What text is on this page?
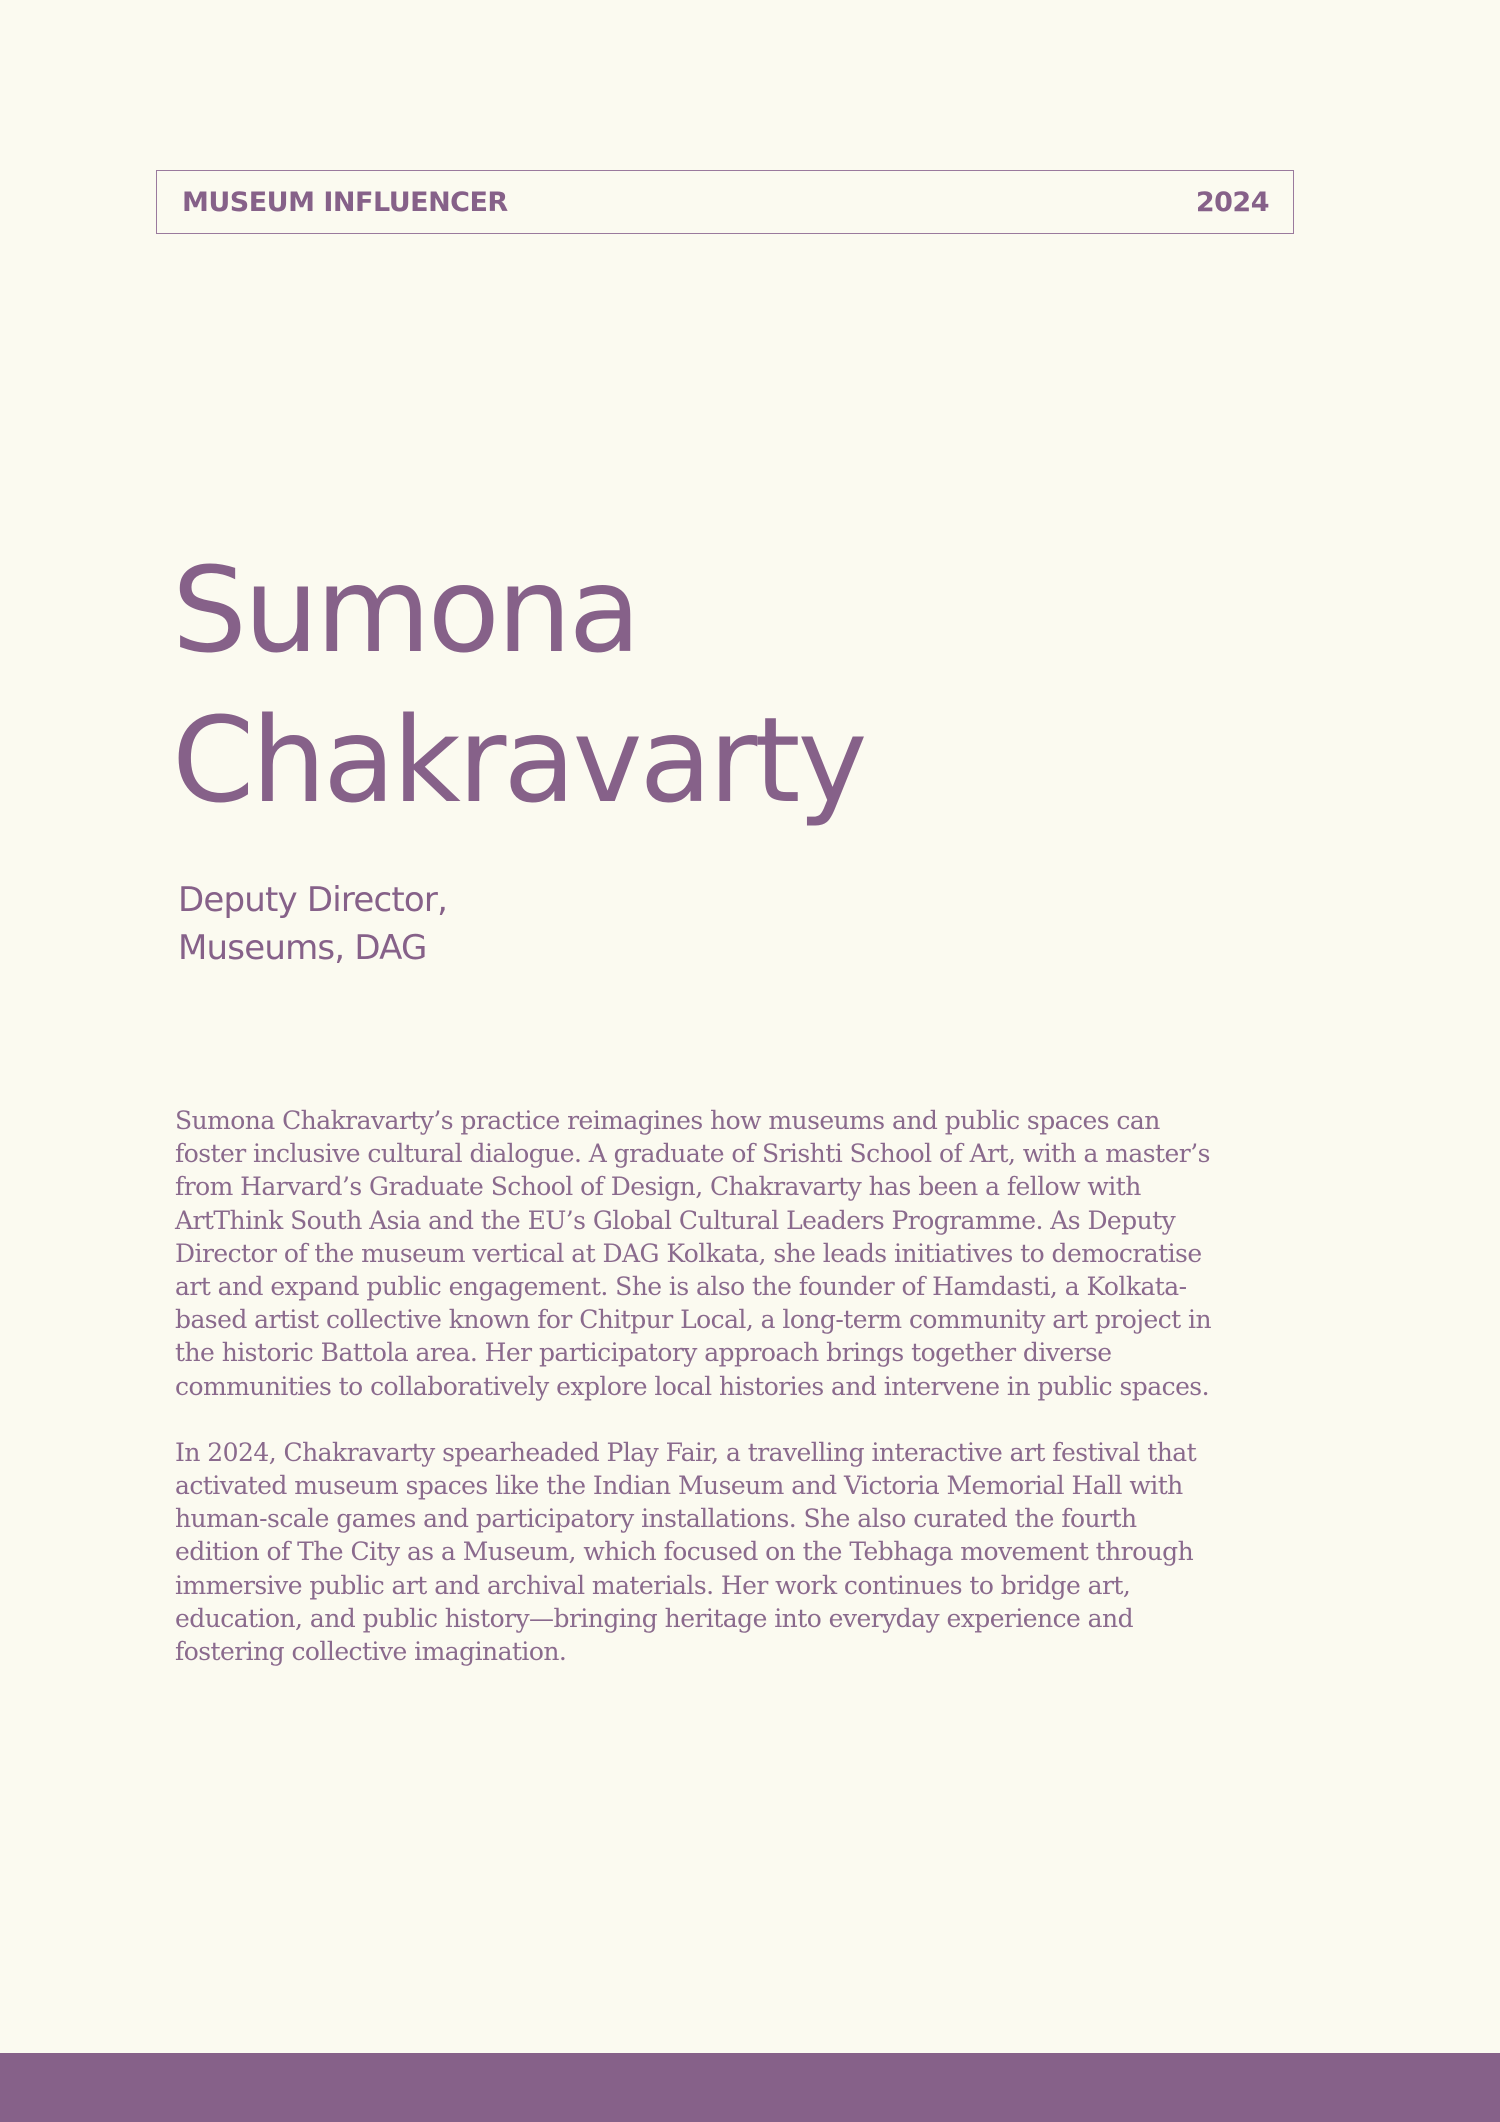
MUSEUM INFLUENCER	2024
Sumona
Chakravarty
Deputy Director,
Museums, DAG

Sumona Chakravarty’s practice reimagines how museums and public spaces can foster inclusive cultural dialogue. A graduate of Srishti School of Art, with a master’s from Harvard’s Graduate School of Design, Chakravarty has been a fellow with ArtThink South Asia and the EU’s Global Cultural Leaders Programme. As Deputy Director of the museum vertical at DAG Kolkata, she leads initiatives to democratise art and expand public engagement. She is also the founder of Hamdasti, a Kolkata-based artist collective known for Chitpur Local, a long-term community art project in the historic Battola area. Her participatory approach brings together diverse communities to collaboratively explore local histories and intervene in public spaces.

In 2024, Chakravarty spearheaded Play Fair, a travelling interactive art festival that activated museum spaces like the Indian Museum and Victoria Memorial Hall with human-scale games and participatory installations. She also curated the fourth edition of The City as a Museum, which focused on the Tebhaga movement through immersive public art and archival materials. Her work continues to bridge art, education, and public history—bringing heritage into everyday experience and fostering collective imagination.
